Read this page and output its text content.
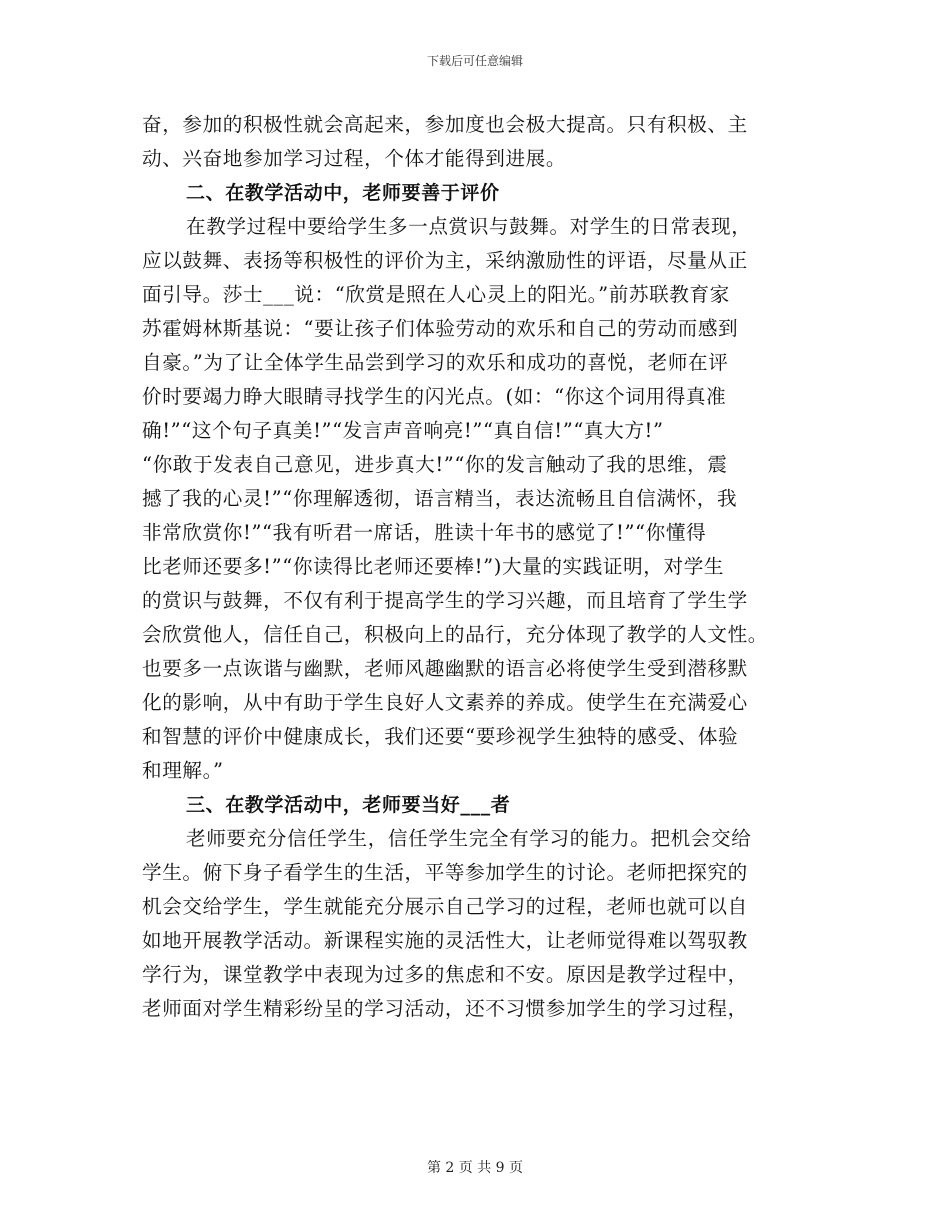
下载后可任意编辑
奋，参加的积极性就会高起来，参加度也会极大提高。只有积极、主
动、兴奋地参加学习过程，个体才能得到进展。
二、在教学活动中，老师要善于评价
在教学过程中要给学生多一点赏识与鼓舞。对学生的日常表现，
应以鼓舞、表扬等积极性的评价为主，采纳激励性的评语，尽量从正
面引导。莎士___说：“欣赏是照在人心灵上的阳光。”前苏联教育家
苏霍姆林斯基说：“要让孩子们体验劳动的欢乐和自己的劳动而感到
自豪。”为了让全体学生品尝到学习的欢乐和成功的喜悦，老师在评
价时要竭力睁大眼睛寻找学生的闪光点。(如：“你这个词用得真准
确!”“这个句子真美!”“发言声音响亮!”“真自信!”“真大方!”
“你敢于发表自己意见，进步真大!”“你的发言触动了我的思维，震
撼了我的心灵!”“你理解透彻，语言精当，表达流畅且自信满怀，我
非常欣赏你!”“我有听君一席话，胜读十年书的感觉了!”“你懂得
比老师还要多!”“你读得比老师还要棒!”)大量的实践证明，对学生
的赏识与鼓舞，不仅有利于提高学生的学习兴趣，而且培育了学生学
会欣赏他人，信任自己，积极向上的品行，充分体现了教学的人文性。
也要多一点诙谐与幽默，老师风趣幽默的语言必将使学生受到潜移默
化的影响，从中有助于学生良好人文素养的养成。使学生在充满爱心
和智慧的评价中健康成长，我们还要“要珍视学生独特的感受、体验
和理解。”
三、在教学活动中，老师要当好___者
老师要充分信任学生，信任学生完全有学习的能力。把机会交给
学生。俯下身子看学生的生活，平等参加学生的讨论。老师把探究的
机会交给学生，学生就能充分展示自己学习的过程，老师也就可以自
如地开展教学活动。新课程实施的灵活性大，让老师觉得难以驾驭教
学行为，课堂教学中表现为过多的焦虑和不安。原因是教学过程中，
老师面对学生精彩纷呈的学习活动，还不习惯参加学生的学习过程，
第 2 页 共 9 页
